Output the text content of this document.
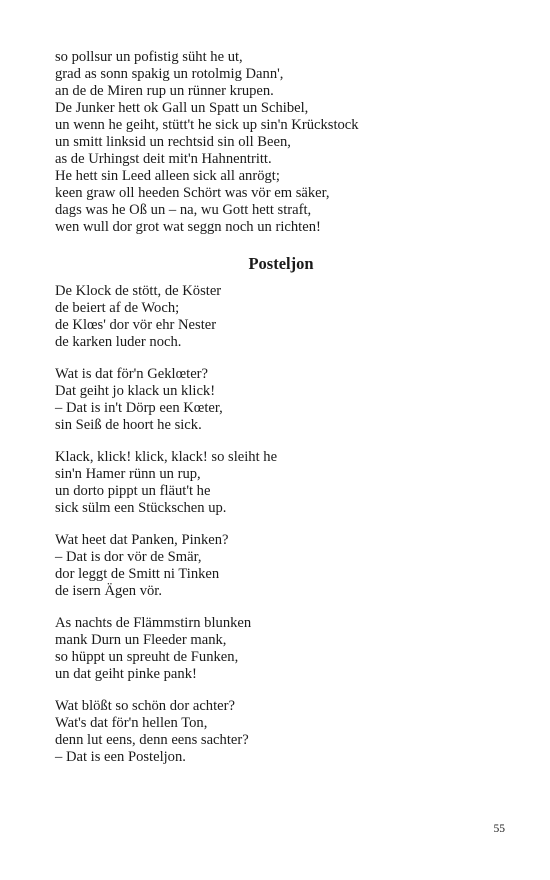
so pollsur un pofistig süht he ut,
grad as sonn spakig un rotolmig Dann',
an de de Miren rup un rünner krupen.
De Junker hett ok Gall un Spatt un Schibel,
un wenn he geiht, stütt't he sick up sin'n Krückstock
un smitt linksid un rechtsid sin oll Been,
as de Urhingst deit mit'n Hahnentritt.
He hett sin Leed alleen sick all anrögt;
keen graw oll heeden Schört was vör em säker,
dags was he Oß un – na, wu Gott hett straft,
wen wull dor grot wat seggn noch un richten!
Posteljon
De Klock de stött, de Köster
de beiert af de Woch;
de Klœs' dor vör ehr Nester
de karken luder noch.
Wat is dat för'n Geklœter?
Dat geiht jo klack un klick!
– Dat is in't Dörp een Kœter,
sin Seiß de hoort he sick.
Klack, klick! klick, klack! so sleiht he
sin'n Hamer rünn un rup,
un dorto pippt un fläut't he
sick sülm een Stückschen up.
Wat heet dat Panken, Pinken?
– Dat is dor vör de Smär,
dor leggt de Smitt ni Tinken
de isern Ägen vör.
As nachts de Flämmstirn blunken
mank Durn un Fleeder mank,
so hüppt un spreuht de Funken,
un dat geiht pinke pank!
Wat blößt so schön dor achter?
Wat's dat för'n hellen Ton,
denn lut eens, denn eens sachter?
– Dat is een Posteljon.
55
